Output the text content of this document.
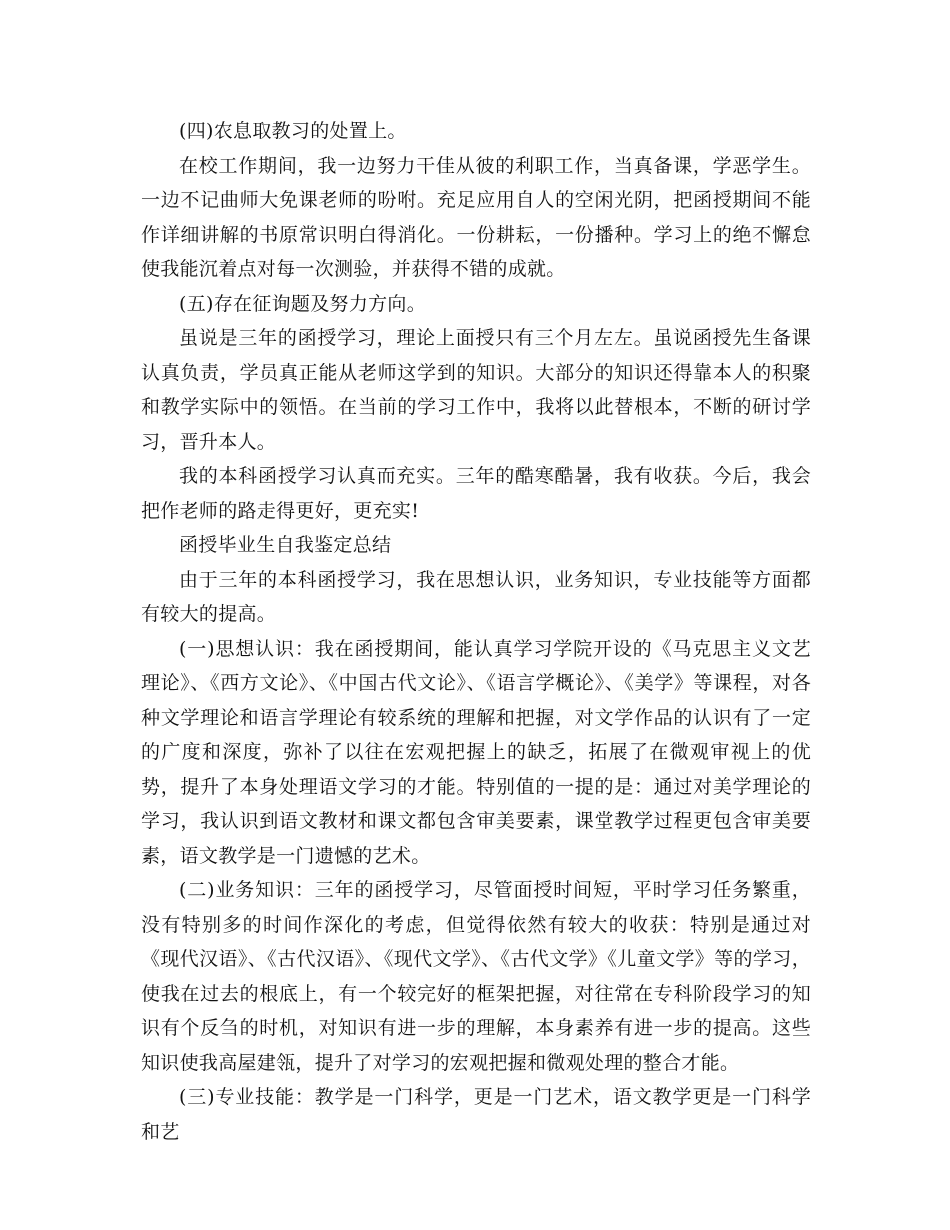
(四)农息取教习的处置上。

在校工作期间，我一边努力干佳从彼的利职工作，当真备课，学恶学生。一边不记曲师大免课老师的吩咐。充足应用自人的空闲光阴，把函授期间不能作详细讲解的书原常识明白得消化。一份耕耘，一份播种。学习上的绝不懈怠使我能沉着点对每一次测验，并获得不错的成就。

(五)存在征询题及努力方向。

虽说是三年的函授学习，理论上面授只有三个月左左。虽说函授先生备课认真负责，学员真正能从老师这学到的知识。大部分的知识还得靠本人的积聚和教学实际中的领悟。在当前的学习工作中，我将以此替根本，不断的研讨学习，晋升本人。

我的本科函授学习认真而充实。三年的酷寒酷暑，我有收获。今后，我会把作老师的路走得更好，更充实!

函授毕业生自我鉴定总结

由于三年的本科函授学习，我在思想认识，业务知识，专业技能等方面都有较大的提高。

(一)思想认识：我在函授期间，能认真学习学院开设的《马克思主义文艺理论》、《西方文论》、《中国古代文论》、《语言学概论》、《美学》等课程，对各种文学理论和语言学理论有较系统的理解和把握，对文学作品的认识有了一定的广度和深度，弥补了以往在宏观把握上的缺乏，拓展了在微观审视上的优势，提升了本身处理语文学习的才能。特别值的一提的是：通过对美学理论的学习，我认识到语文教材和课文都包含审美要素，课堂教学过程更包含审美要素，语文教学是一门遗憾的艺术。

(二)业务知识：三年的函授学习，尽管面授时间短，平时学习任务繁重，没有特别多的时间作深化的考虑，但觉得依然有较大的收获：特别是通过对《现代汉语》、《古代汉语》、《现代文学》、《古代文学》《儿童文学》等的学习，使我在过去的根底上，有一个较完好的框架把握，对往常在专科阶段学习的知识有个反刍的时机，对知识有进一步的理解，本身素养有进一步的提高。这些知识使我高屋建瓴，提升了对学习的宏观把握和微观处理的整合才能。

(三)专业技能：教学是一门科学，更是一门艺术，语文教学更是一门科学和艺
